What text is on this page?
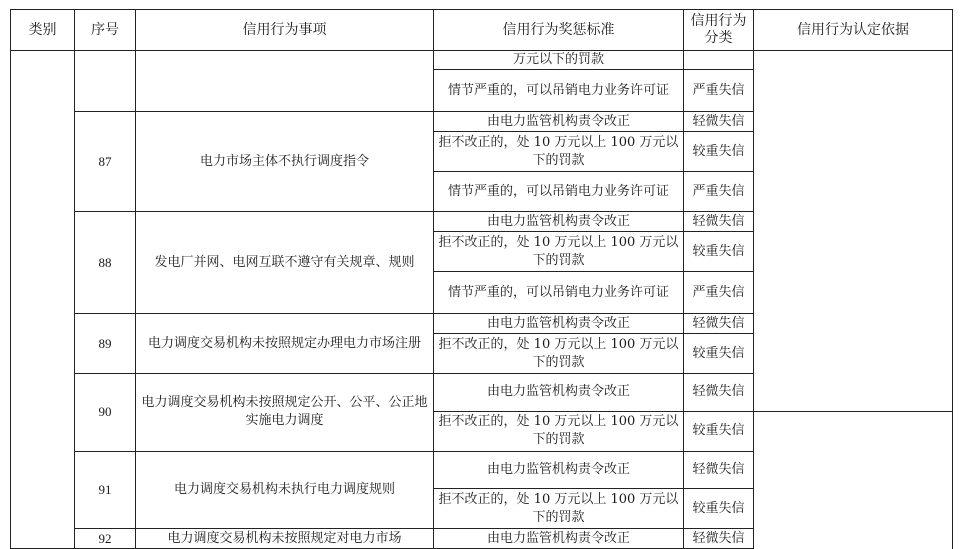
类别	序号	信用行为事项	信用行为奖惩标准	信用行为分类	信用行为认定依据	
			万元以下的罚款			
			情节严重的，可以吊销电力业务许可证	严重失信		
	87	电力市场主体不执行调度指令	由电力监管机构责令改正	轻微失信		
			拒不改正的，处 10 万元以上 100 万元以下的罚款	较重失信		
			情节严重的，可以吊销电力业务许可证	严重失信		
	88	发电厂并网、电网互联不遵守有关规章、规则	由电力监管机构责令改正	轻微失信		
			拒不改正的，处 10 万元以上 100 万元以下的罚款	较重失信		
			情节严重的，可以吊销电力业务许可证	严重失信		
	89	电力调度交易机构未按照规定办理电力市场注册	由电力监管机构责令改正	轻微失信	
			拒不改正的，处 10 万元以上 100 万元以下的罚款	较重失信		
	90	电力调度交易机构未按照规定公开、公平、公正地实施电力调度	由电力监管机构责令改正	轻微失信		
			拒不改正的，处 10 万元以上 100 万元以下的罚款	较重失信		
	91	电力调度交易机构未执行电力调度规则	由电力监管机构责令改正	轻微失信		
			拒不改正的，处 10 万元以上 100 万元以下的罚款	较重失信		
	92	电力调度交易机构未按照规定对电力市场	由电力监管机构责令改正	轻微失信		
